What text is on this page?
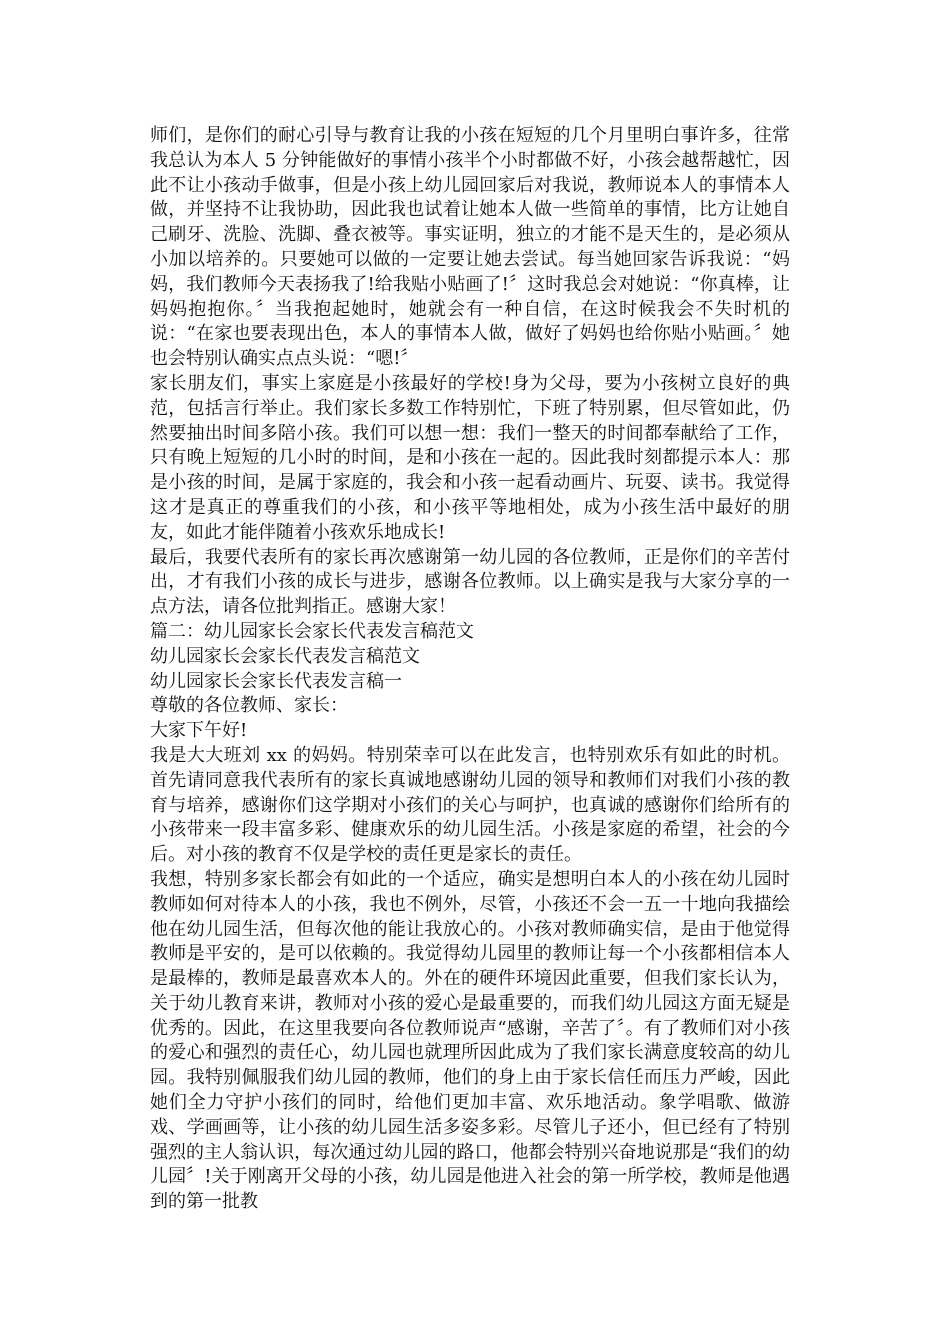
师们，是你们的耐心引导与教育让我的小孩在短短的几个月里明白事许多，往常我总认为本人 5 分钟能做好的事情小孩半个小时都做不好，小孩会越帮越忙，因此不让小孩动手做事，但是小孩上幼儿园回家后对我说，教师说本人的事情本人做，并坚持不让我协助，因此我也试着让她本人做一些简单的事情，比方让她自己刷牙、洗脸、洗脚、叠衣被等。事实证明，独立的才能不是天生的，是必须从小加以培养的。只要她可以做的一定要让她去尝试。每当她回家告诉我说：“妈妈，我们教师今天表扬我了!给我贴小贴画了!〞这时我总会对她说：“你真棒，让妈妈抱抱你。〞当我抱起她时，她就会有一种自信，在这时候我会不失时机的说：“在家也要表现出色，本人的事情本人做，做好了妈妈也给你贴小贴画。〞她也会特别认确实点点头说：“嗯!〞

家长朋友们，事实上家庭是小孩最好的学校!身为父母，要为小孩树立良好的典范，包括言行举止。我们家长多数工作特别忙，下班了特别累，但尽管如此，仍然要抽出时间多陪小孩。我们可以想一想：我们一整天的时间都奉献给了工作，只有晚上短短的几小时的时间，是和小孩在一起的。因此我时刻都提示本人：那是小孩的时间，是属于家庭的，我会和小孩一起看动画片、玩耍、读书。我觉得这才是真正的尊重我们的小孩，和小孩平等地相处，成为小孩生活中最好的朋友，如此才能伴随着小孩欢乐地成长!

最后，我要代表所有的家长再次感谢第一幼儿园的各位教师，正是你们的辛苦付出，才有我们小孩的成长与进步，感谢各位教师。以上确实是我与大家分享的一点方法，请各位批判指正。感谢大家！

篇二：幼儿园家长会家长代表发言稿范文

幼儿园家长会家长代表发言稿范文

幼儿园家长会家长代表发言稿一

尊敬的各位教师、家长：

大家下午好!

我是大大班刘 xx 的妈妈。特别荣幸可以在此发言，也特别欢乐有如此的时机。首先请同意我代表所有的家长真诚地感谢幼儿园的领导和教师们对我们小孩的教育与培养，感谢你们这学期对小孩们的关心与呵护，也真诚的感谢你们给所有的小孩带来一段丰富多彩、健康欢乐的幼儿园生活。小孩是家庭的希望，社会的今后。对小孩的教育不仅是学校的责任更是家长的责任。

我想，特别多家长都会有如此的一个适应，确实是想明白本人的小孩在幼儿园时教师如何对待本人的小孩，我也不例外，尽管，小孩还不会一五一十地向我描绘他在幼儿园生活，但每次他的能让我放心的。小孩对教师确实信，是由于他觉得教师是平安的，是可以依赖的。我觉得幼儿园里的教师让每一个小孩都相信本人是最棒的，教师是最喜欢本人的。外在的硬件环境因此重要，但我们家长认为，关于幼儿教育来讲，教师对小孩的爱心是最重要的，而我们幼儿园这方面无疑是优秀的。因此，在这里我要向各位教师说声“感谢，辛苦了〞。有了教师们对小孩的爱心和强烈的责任心，幼儿园也就理所因此成为了我们家长满意度较高的幼儿园。我特别佩服我们幼儿园的教师，他们的身上由于家长信任而压力严峻，因此她们全力守护小孩们的同时，给他们更加丰富、欢乐地活动。象学唱歌、做游戏、学画画等，让小孩的幼儿园生活多姿多彩。尽管儿子还小，但已经有了特别强烈的主人翁认识，每次通过幼儿园的路口，他都会特别兴奋地说那是“我们的幼儿园〞!关于刚离开父母的小孩，幼儿园是他进入社会的第一所学校，教师是他遇到的第一批教
